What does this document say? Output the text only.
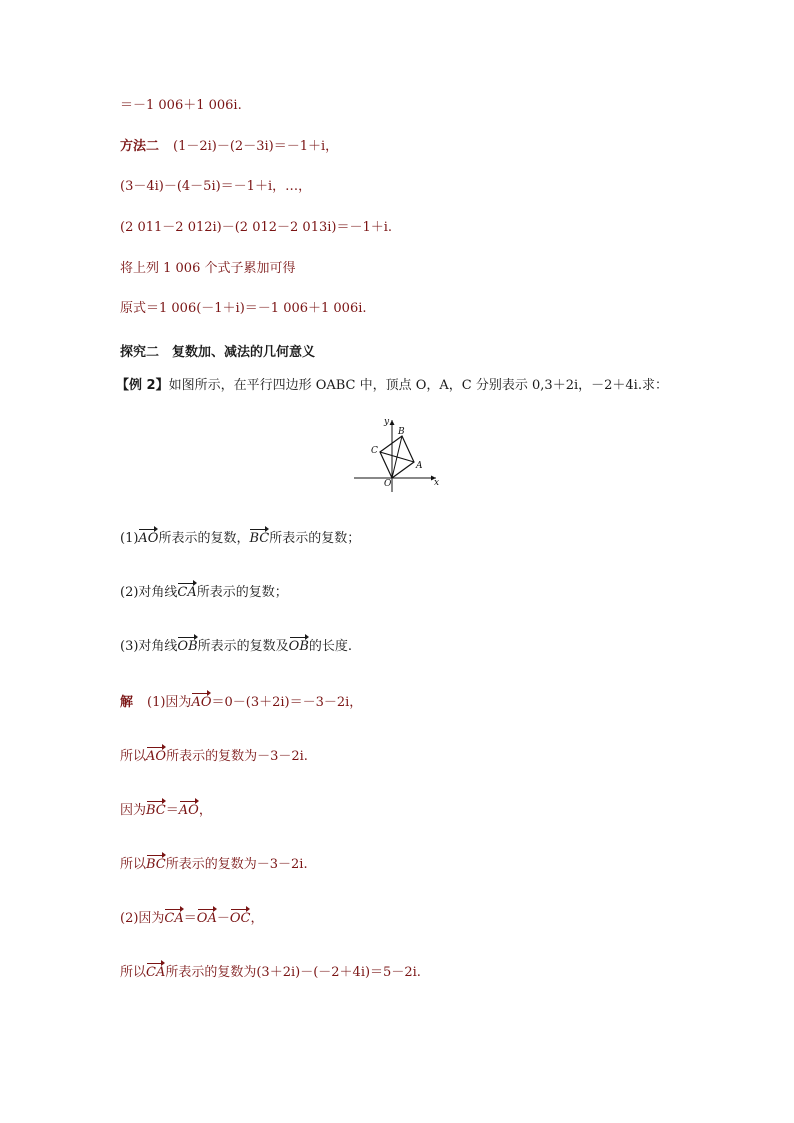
＝－1 006＋1 006i.
方法二 (1－2i)－(2－3i)＝－1＋i，
(3－4i)－(4－5i)＝－1＋i，…，
(2 011－2 012i)－(2 012－2 013i)＝－1＋i.
将上列 1 006 个式子累加可得
原式＝1 006(－1＋i)＝－1 006＋1 006i.
探究二　复数加、减法的几何意义
【例 2】如图所示，在平行四边形 OABC 中，顶点 O，A，C 分别表示 0,3＋2i，－2＋4i.求：
x
y
O
A
B
C
(1)AO所表示的复数，BC所表示的复数；
(2)对角线CA所表示的复数；
(3)对角线OB所表示的复数及OB的长度.
解 (1)因为AO＝0－(3＋2i)＝－3－2i，
所以AO所表示的复数为－3－2i.
因为BC＝AO，
所以BC所表示的复数为－3－2i.
(2)因为CA＝OA－OC，
所以CA所表示的复数为(3＋2i)－(－2＋4i)＝5－2i.
